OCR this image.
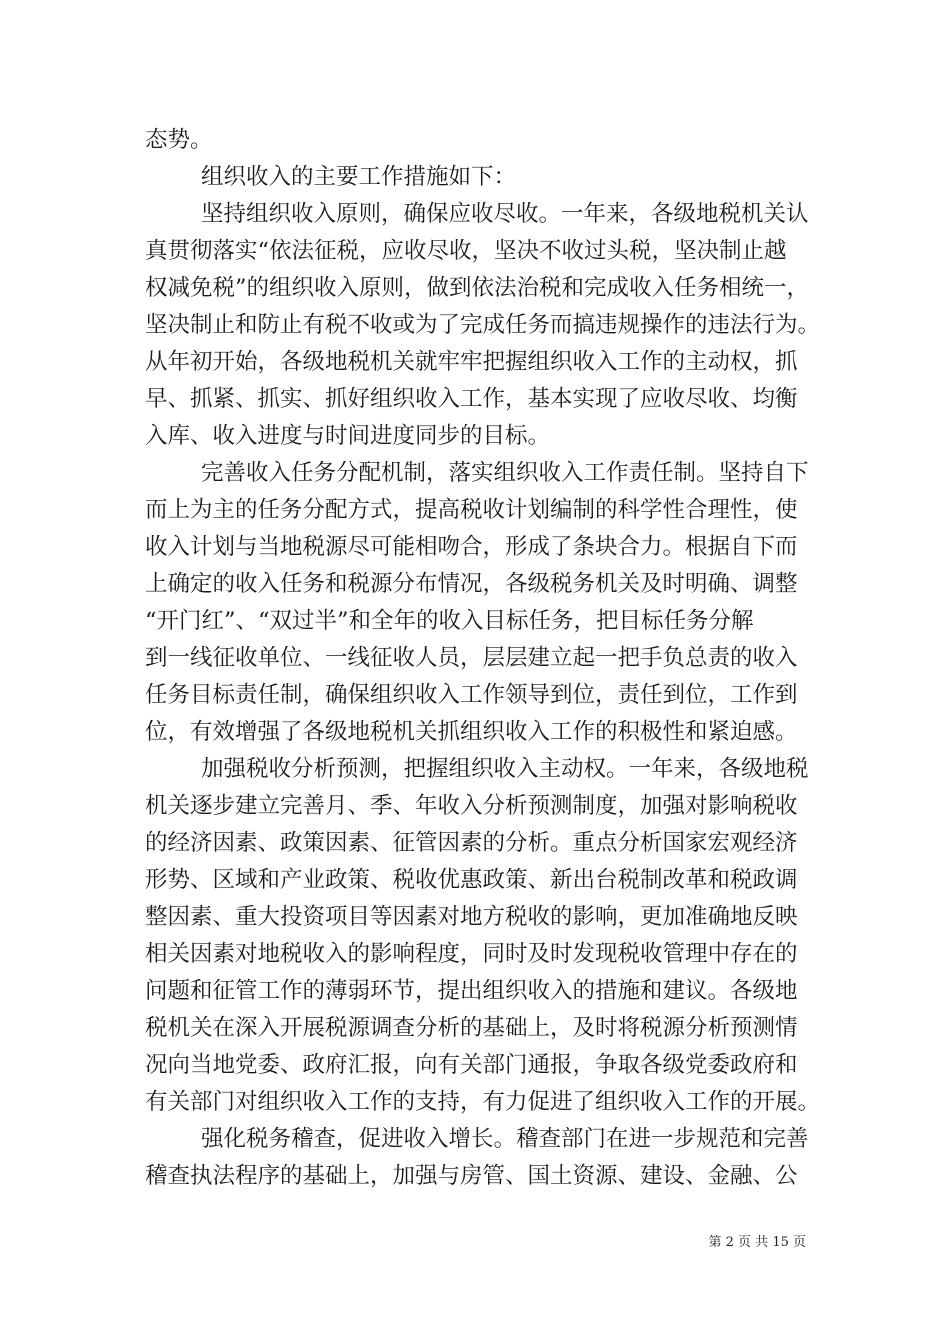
态势。

组织收入的主要工作措施如下：

坚持组织收入原则，确保应收尽收。一年来，各级地税机关认

真贯彻落实“依法征税，应收尽收，坚决不收过头税，坚决制止越

权减免税”的组织收入原则，做到依法治税和完成收入任务相统一，

坚决制止和防止有税不收或为了完成任务而搞违规操作的违法行为。

从年初开始，各级地税机关就牢牢把握组织收入工作的主动权，抓

早、抓紧、抓实、抓好组织收入工作，基本实现了应收尽收、均衡

入库、收入进度与时间进度同步的目标。

完善收入任务分配机制，落实组织收入工作责任制。坚持自下

而上为主的任务分配方式，提高税收计划编制的科学性合理性，使

收入计划与当地税源尽可能相吻合，形成了条块合力。根据自下而

上确定的收入任务和税源分布情况，各级税务机关及时明确、调整

“开门红”、“双过半”和全年的收入目标任务，把目标任务分解

到一线征收单位、一线征收人员，层层建立起一把手负总责的收入

任务目标责任制，确保组织收入工作领导到位，责任到位，工作到

位，有效增强了各级地税机关抓组织收入工作的积极性和紧迫感。

加强税收分析预测，把握组织收入主动权。一年来，各级地税

机关逐步建立完善月、季、年收入分析预测制度，加强对影响税收

的经济因素、政策因素、征管因素的分析。重点分析国家宏观经济

形势、区域和产业政策、税收优惠政策、新出台税制改革和税政调

整因素、重大投资项目等因素对地方税收的影响，更加准确地反映

相关因素对地税收入的影响程度，同时及时发现税收管理中存在的

问题和征管工作的薄弱环节，提出组织收入的措施和建议。各级地

税机关在深入开展税源调查分析的基础上，及时将税源分析预测情

况向当地党委、政府汇报，向有关部门通报，争取各级党委政府和

有关部门对组织收入工作的支持，有力促进了组织收入工作的开展。

强化税务稽查，促进收入增长。稽查部门在进一步规范和完善

稽查执法程序的基础上，加强与房管、国土资源、建设、金融、公

第 2 页 共 15 页
